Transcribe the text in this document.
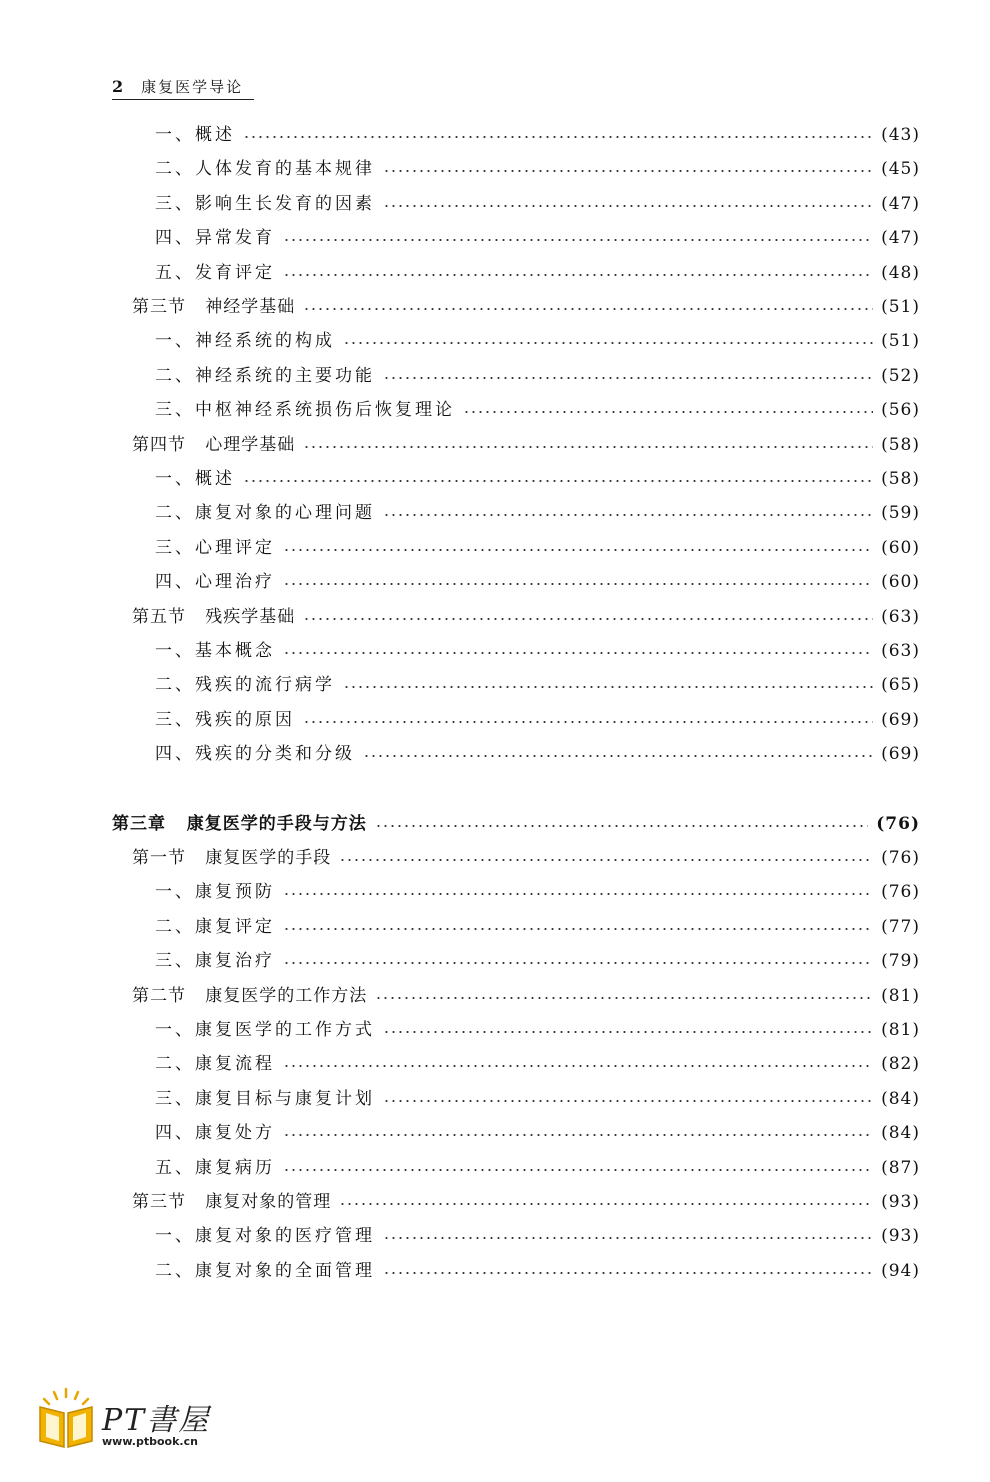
2 康复医学导论
一、概述	(43)
二、人体发育的基本规律	(45)
三、影响生长发育的因素	(47)
四、异常发育	(47)
五、发育评定	(48)
第三节   神经学基础	(51)
一、神经系统的构成	(51)
二、神经系统的主要功能	(52)
三、中枢神经系统损伤后恢复理论	(56)
第四节   心理学基础	(58)
一、概述	(58)
二、康复对象的心理问题	(59)
三、心理评定	(60)
四、心理治疗	(60)
第五节   残疾学基础	(63)
一、基本概念	(63)
二、残疾的流行病学	(65)
三、残疾的原因	(69)
四、残疾的分类和分级	(69)
第三章   康复医学的手段与方法	(76)
第一节   康复医学的手段	(76)
一、康复预防	(76)
二、康复评定	(77)
三、康复治疗	(79)
第二节   康复医学的工作方法	(81)
一、康复医学的工作方式	(81)
二、康复流程	(82)
三、康复目标与康复计划	(84)
四、康复处方	(84)
五、康复病历	(87)
第三节   康复对象的管理	(93)
一、康复对象的医疗管理	(93)
二、康复对象的全面管理	(94)
PT書屋
www.ptbook.cn
